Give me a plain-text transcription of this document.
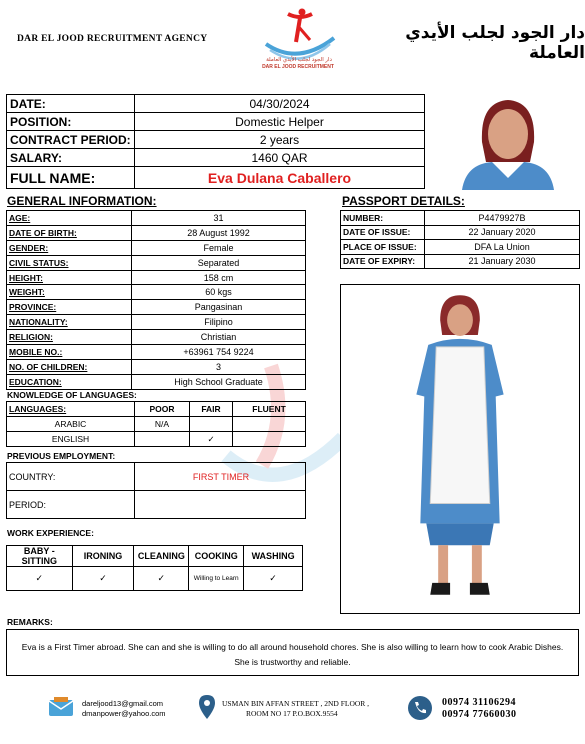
DAR EL JOOD RECRUITMENT AGENCY	دار الجود لجلب الأيدي العاملة
دار الجود لجلب الأيدي العاملة
DAR EL JOOD RECRUITMENT
DATE:	04/30/2024
POSITION:	Domestic Helper
CONTRACT PERIOD:	2 years
SALARY:	1460 QAR
FULL NAME:	Eva Dulana Caballero
GENERAL INFORMATION:	PASSPORT DETAILS:
AGE:	31
DATE OF BIRTH:	28 August 1992
GENDER:	Female
CIVIL STATUS:	Separated
HEIGHT:	158 cm
WEIGHT:	60 kgs
PROVINCE:	Pangasinan
NATIONALITY:	Filipino
RELIGION:	Christian
MOBILE NO.:	+63961 754 9224
NO. OF CHILDREN:	3
EDUCATION:	High School Graduate
NUMBER:	P4479927B
DATE OF ISSUE:	22 January 2020
PLACE OF ISSUE:	DFA La Union
DATE OF EXPIRY:	21 January 2030
KNOWLEDGE OF LANGUAGES:
LANGUAGES:	POOR	FAIR	FLUENT
ARABIC	N/A		
ENGLISH		✓	
PREVIOUS EMPLOYMENT:
COUNTRY:	FIRST TIMER
PERIOD:	
WORK EXPERIENCE:
BABY - SITTING	IRONING	CLEANING	COOKING	WASHING
✓	✓	✓	Willing to Learn	✓
REMARKS:
Eva is a First Timer abroad. She can and she is willing to do all around household chores. She is also willing to learn how to cook Arabic Dishes. She is trustworthy and reliable.
dareljood13@gmail.com
dmanpower@yahoo.com
USMAN BIN AFFAN STREET , 2ND FLOOR ,
ROOM NO 17 P.O.BOX.9554
00974 31106294
00974 77660030
